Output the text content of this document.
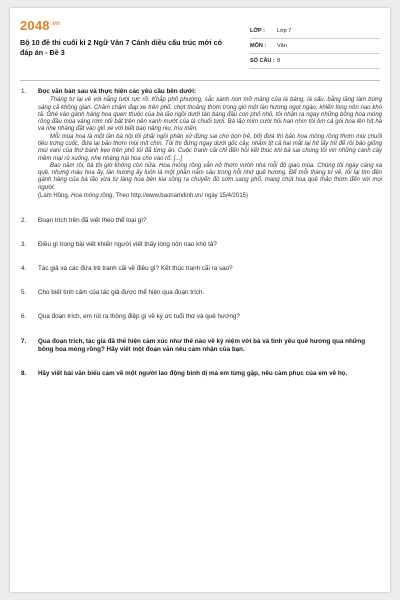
$2048^{.vn}$
Bộ 10 đề thi cuối kì 2 Ngữ Văn 7 Cánh diều cấu trúc mới có đáp án - Đề 3
LỚP : Lớp 7
MÔN : Văn
SỐ CÂU : 8
1. Đọc văn bản sau và thực hiện các yêu cầu bên dưới:

Tháng tư lại về với nắng tươi rực rỡ. Khắp phố phường, sắc xanh non mỡ màng của lá bàng, lá sấu, bằng lăng làm bừng sáng cả không gian. Chầm chậm đạp xe trên phố, chợt thoảng thơm trong gió một làn hương ngọt ngào, khiến lòng nôn nao khó tả. Ghé vào gánh hàng hoa quen thuộc của bà lão ngồi dưới tán bàng đầu con phố nhỏ, tôi nhận ra ngay những bông hoa móng rồng đầu mùa vàng rơm nổi bật trên nền xanh mướt của lá chuối tươi. Bà lão mỉm cười hỏi han nhìn tôi ôm cả gói hoa lên hít hà và nhẹ nhàng đặt vào giỏ xe với biết bao nâng niu, trìu mến.

Mỗi mùa hoa là một lần bà nội tôi phải ngồi phân xử đúng sai cho bọn trẻ, bởi đứa thì bảo hoa móng rồng thơm mùi chuối tiêu trứng cuốc, đứa lại bảo thơm mùi mít chín. Tôi thì đứng ngay dưới gốc cây, nhắm tịt cả hai mắt lại hít lấy hít để rồi bảo giống mùi vani của thứ bánh kẹo trên phố tôi đã từng ăn. Cuộc tranh cãi chỉ đến hồi kết thúc khi bà sai chúng tôi vin những cành cây mềm mại rủ xuống, nhẹ nhàng hái hoa cho vào rổ. [...]

Bao năm rồi, bà tôi giờ không còn nữa. Hoa móng rồng vẫn nở thơm vườn nhà mỗi độ giao mùa. Chúng tôi ngày càng xa quê, nhưng màu hoa ấy, làn hương ấy luôn là một phần nằm sâu trong nỗi nhớ quê hương. Để mỗi tháng tư về, tôi lại tìm đến gánh hàng của bà lão vừa từ làng hoa bên kia sông ra chuyến đò sớm sang phố, mang chút hoa quê thảo thơm đến với mọi người.

(Lam Hồng, Hoa móng rồng, Theo http://www.baonamdinh.vn/ ngày 15/4/2015)
2. Đoạn trích trên đã viết theo thể loại gì?
3. Điều gì trong bài viết khiến người viết thấy lòng nôn nao khó tả?
4. Tác giả và các đứa trẻ tranh cãi về điều gì? Kết thúc tranh cãi ra sao?
5. Cho biết tình cảm của tác giả được thể hiện qua đoạn trích.
6. Qua đoạn trích, em rút ra thông điệp gì về ký ức tuổi thơ và quê hương?
7. Qua đoạn trích, tác giả đã thể hiện cảm xúc như thế nào về kỷ niệm với bà và tình yêu quê hương qua những bông hoa móng rồng? Hãy viết một đoạn văn nêu cảm nhận của bạn.
8. Hãy viết bài văn biểu cảm về một người lao động bình dị mà em từng gặp, nêu cảm phục của em về họ.
